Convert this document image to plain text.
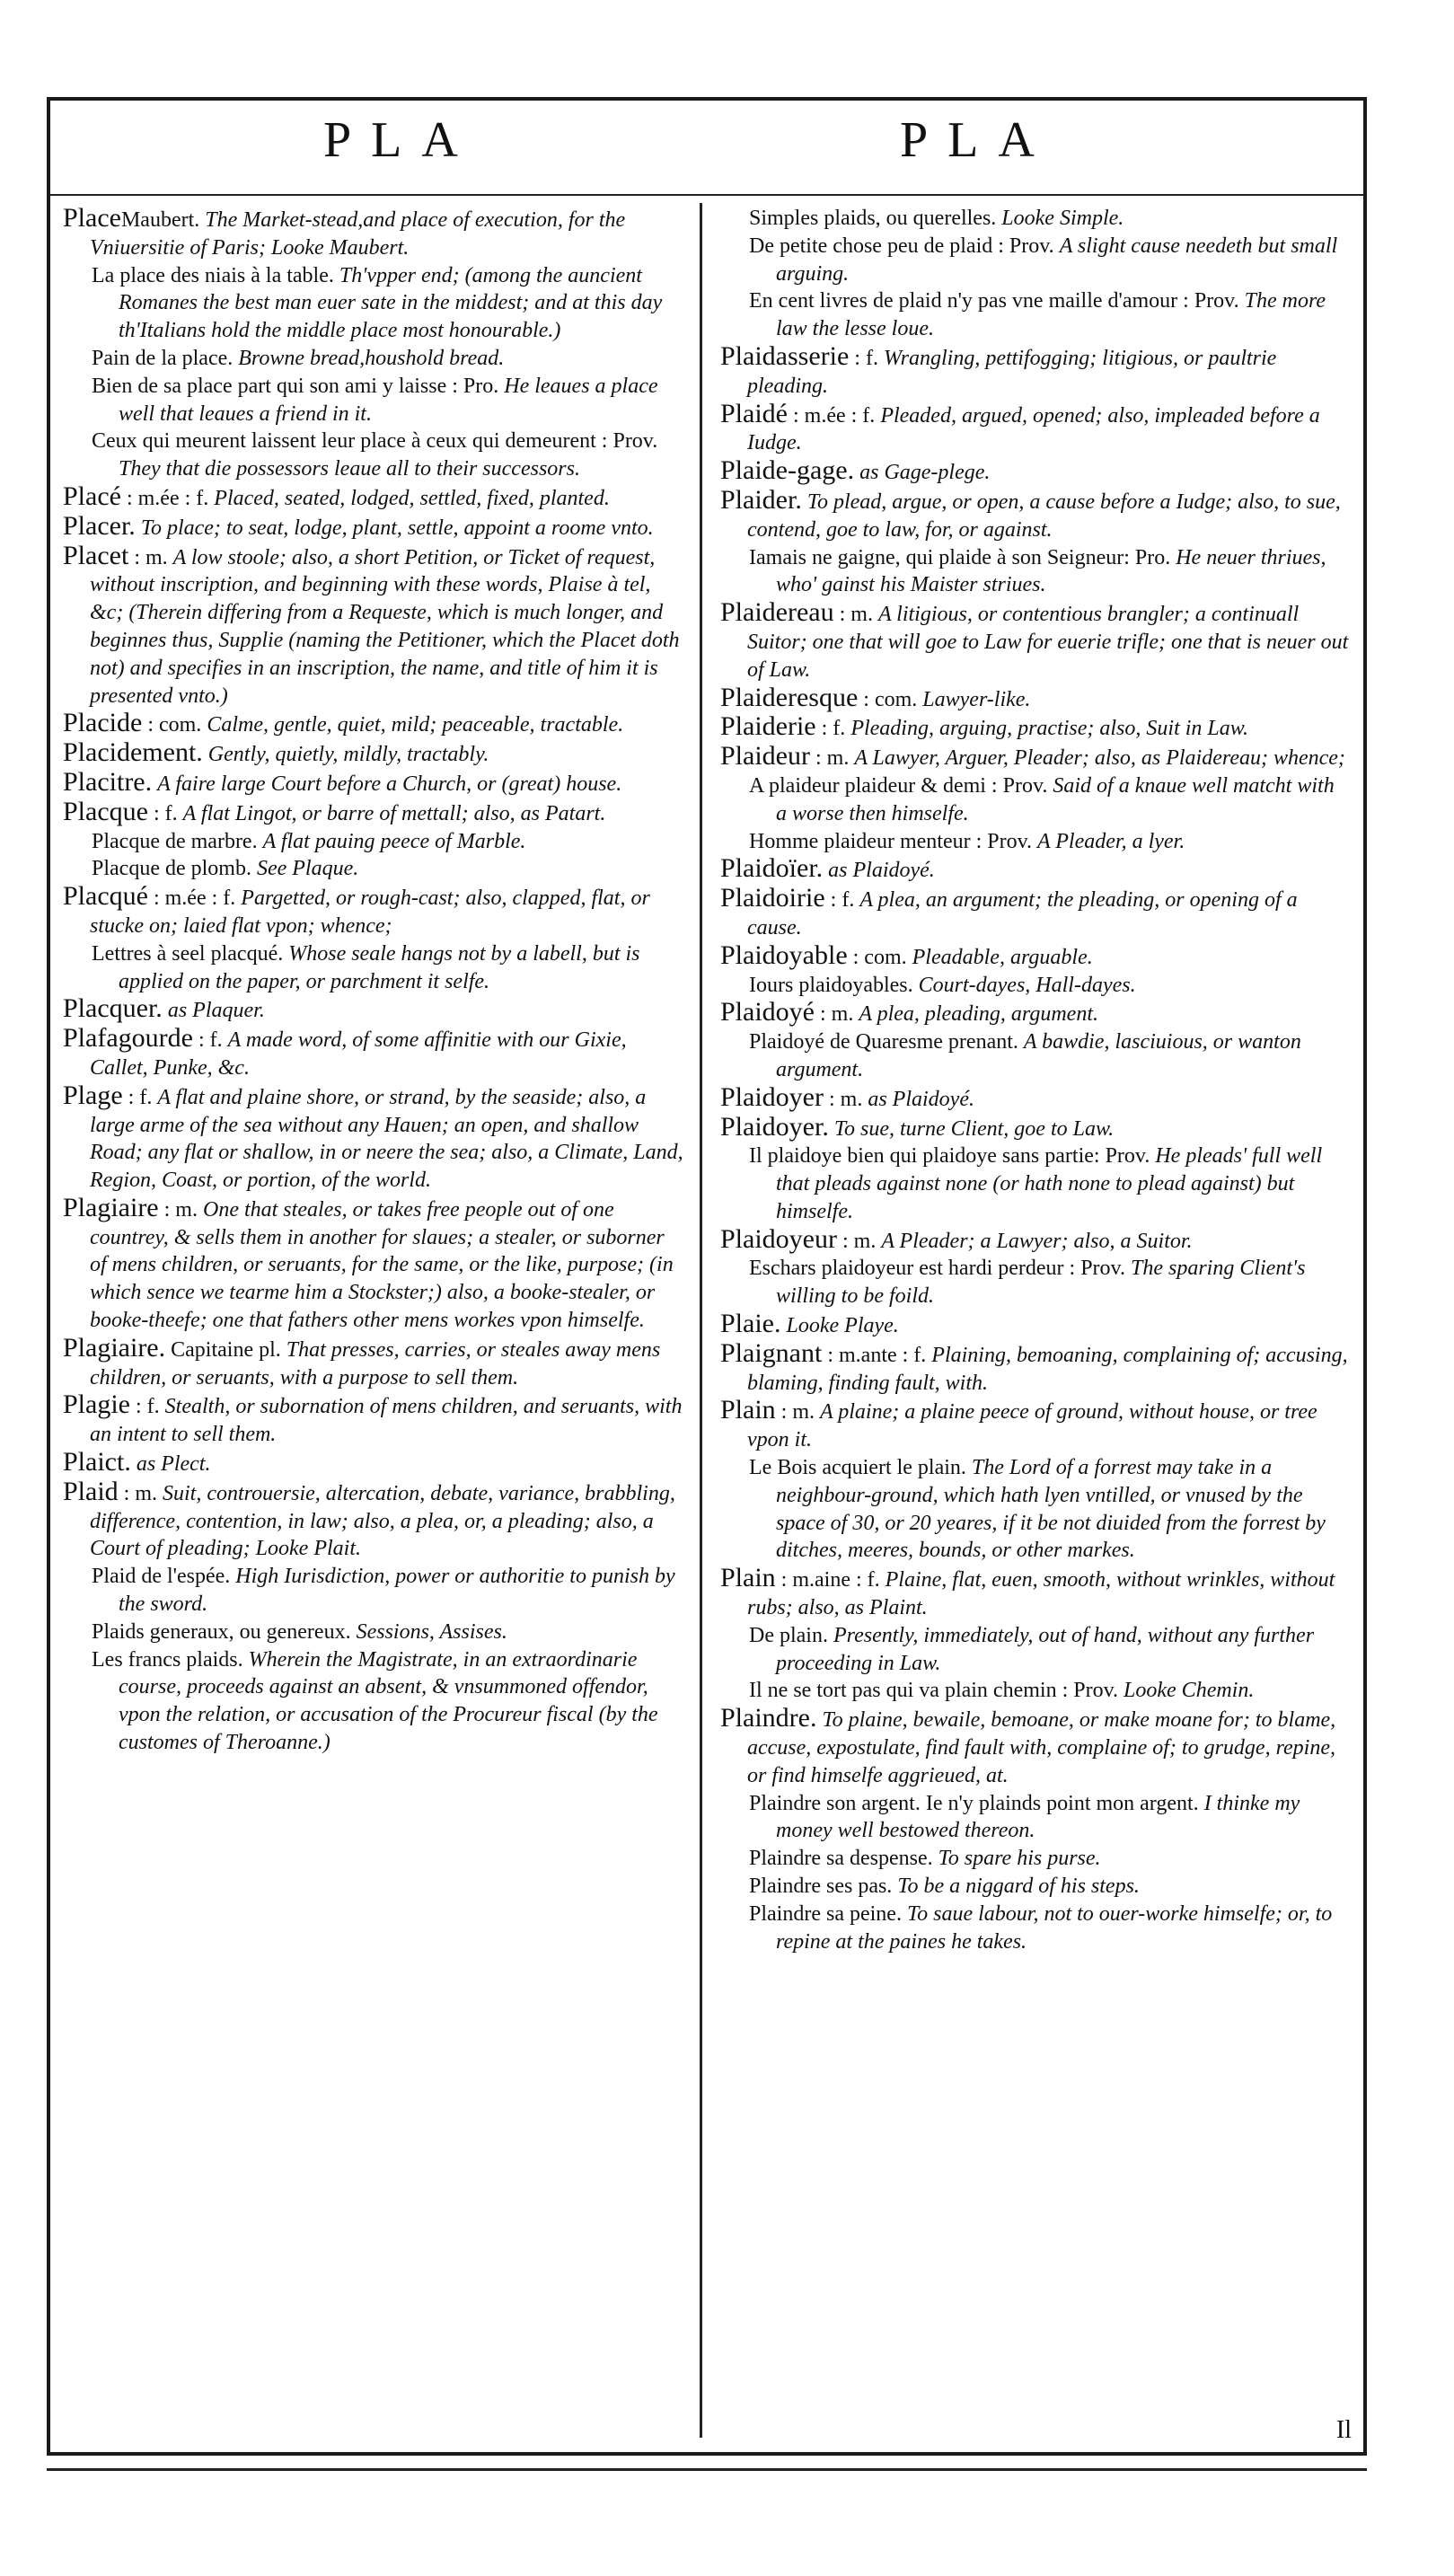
PLA	PLA

PlaceMaubert. The Market-stead,and place of execution, for the Vniuersitie of Paris; Looke Maubert.

La place des niais à la table. Th'vpper end; (among the auncient Romanes the best man euer sate in the middest; and at this day th'Italians hold the middle place most honourable.)

Pain de la place. Browne bread,houshold bread.

Bien de sa place part qui son ami y laisse : Pro. He leaues a place well that leaues a friend in it.

Ceux qui meurent laissent leur place à ceux qui demeurent : Prov. They that die possessors leaue all to their successors.

Placé : m.ée : f. Placed, seated, lodged, settled, fixed, planted.

Placer. To place; to seat, lodge, plant, settle, appoint a roome vnto.

Placet : m. A low stoole; also, a short Petition, or Ticket of request, without inscription, and beginning with these words, Plaise à tel, &c; (Therein differing from a Requeste, which is much longer, and beginnes thus, Supplie (naming the Petitioner, which the Placet doth not) and specifies in an inscription, the name, and title of him it is presented vnto.)

Placide : com. Calme, gentle, quiet, mild; peaceable, tractable.

Placidement. Gently, quietly, mildly, tractably.

Placitre. A faire large Court before a Church, or (great) house.

Placque : f. A flat Lingot, or barre of mettall; also, as Patart.

Placque de marbre. A flat pauing peece of Marble.

Placque de plomb. See Plaque.

Placqué : m.ée : f. Pargetted, or rough-cast; also, clapped, flat, or stucke on; laied flat vpon; whence;

Lettres à seel placqué. Whose seale hangs not by a labell, but is applied on the paper, or parchment it selfe.

Placquer. as Plaquer.

Plafagourde : f. A made word, of some affinitie with our Gixie, Callet, Punke, &c.

Plage : f. A flat and plaine shore, or strand, by the seaside; also, a large arme of the sea without any Hauen; an open, and shallow Road; any flat or shallow, in or neere the sea; also, a Climate, Land, Region, Coast, or portion, of the world.

Plagiaire : m. One that steales, or takes free people out of one countrey, & sells them in another for slaues; a stealer, or suborner of mens children, or seruants, for the same, or the like, purpose; (in which sence we tearme him a Stockster;) also, a booke-stealer, or booke-theefe; one that fathers other mens workes vpon himselfe.

Plagiaire. Capitaine pl. That presses, carries, or steales away mens children, or seruants, with a purpose to sell them.

Plagie : f. Stealth, or subornation of mens children, and seruants, with an intent to sell them.

Plaict. as Plect.

Plaid : m. Suit, controuersie, altercation, debate, variance, brabbling, difference, contention, in law; also, a plea, or, a pleading; also, a Court of pleading; Looke Plait.

Plaid de l'espée. High Iurisdiction, power or authoritie to punish by the sword.

Plaids generaux, ou genereux. Sessions, Assises.

Les francs plaids. Wherein the Magistrate, in an extraordinarie course, proceeds against an absent, & vnsummoned offendor, vpon the relation, or accusation of the Procureur fiscal (by the customes of Theroanne.)

Simples plaids, ou querelles. Looke Simple.

De petite chose peu de plaid : Prov. A slight cause needeth but small arguing.

En cent livres de plaid n'y pas vne maille d'amour : Prov. The more law the lesse loue.

Plaidasserie : f. Wrangling, pettifogging; litigious, or paultrie pleading.

Plaidé : m.ée : f. Pleaded, argued, opened; also, impleaded before a Iudge.

Plaide-gage. as Gage-plege.

Plaider. To plead, argue, or open, a cause before a Iudge; also, to sue, contend, goe to law, for, or against.

Iamais ne gaigne, qui plaide à son Seigneur: Pro. He neuer thriues, who' gainst his Maister striues.

Plaidereau : m. A litigious, or contentious brangler; a continuall Suitor; one that will goe to Law for euerie trifle; one that is neuer out of Law.

Plaideresque : com. Lawyer-like.

Plaiderie : f. Pleading, arguing, practise; also, Suit in Law.

Plaideur : m. A Lawyer, Arguer, Pleader; also, as Plaidereau; whence;

A plaideur plaideur & demi : Prov. Said of a knaue well matcht with a worse then himselfe.

Homme plaideur menteur : Prov. A Pleader, a lyer.

Plaidoïer. as Plaidoyé.

Plaidoirie : f. A plea, an argument; the pleading, or opening of a cause.

Plaidoyable : com. Pleadable, arguable.

Iours plaidoyables. Court-dayes, Hall-dayes.

Plaidoyé : m. A plea, pleading, argument.

Plaidoyé de Quaresme prenant. A bawdie, lasciuious, or wanton argument.

Plaidoyer : m. as Plaidoyé.

Plaidoyer. To sue, turne Client, goe to Law.

Il plaidoye bien qui plaidoye sans partie: Prov. He pleads' full well that pleads against none (or hath none to plead against) but himselfe.

Plaidoyeur : m. A Pleader; a Lawyer; also, a Suitor.

Eschars plaidoyeur est hardi perdeur : Prov. The sparing Client's willing to be foild.

Plaie. Looke Playe.

Plaignant : m.ante : f. Plaining, bemoaning, complaining of; accusing, blaming, finding fault, with.

Plain : m. A plaine; a plaine peece of ground, without house, or tree vpon it.

Le Bois acquiert le plain. The Lord of a forrest may take in a neighbour-ground, which hath lyen vntilled, or vnused by the space of 30, or 20 yeares, if it be not diuided from the forrest by ditches, meeres, bounds, or other markes.

Plain : m.aine : f. Plaine, flat, euen, smooth, without wrinkles, without rubs; also, as Plaint.

De plain. Presently, immediately, out of hand, without any further proceeding in Law.

Il ne se tort pas qui va plain chemin : Prov. Looke Chemin.

Plaindre. To plaine, bewaile, bemoane, or make moane for; to blame, accuse, expostulate, find fault with, complaine of; to grudge, repine, or find himselfe aggrieued, at.

Plaindre son argent. Ie n'y plainds point mon argent. I thinke my money well bestowed thereon.

Plaindre sa despense. To spare his purse.

Plaindre ses pas. To be a niggard of his steps.

Plaindre sa peine. To saue labour, not to ouer-worke himselfe; or, to repine at the paines he takes.

Il
